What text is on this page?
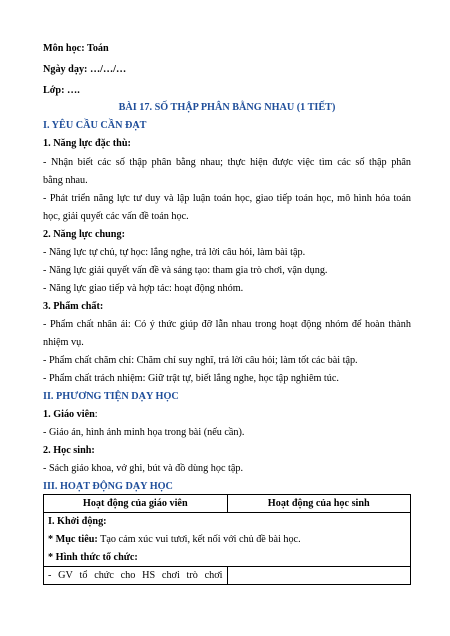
Môn học: Toán
Ngày dạy: …/…/…
Lớp: ….
BÀI 17. SỐ THẬP PHÂN BẰNG NHAU (1 TIẾT)
I. YÊU CẦU CẦN ĐẠT
1. Năng lực đặc thù:
- Nhận biết các số thập phân bằng nhau; thực hiện được việc tìm các số thập phân
bằng nhau.
- Phát triển năng lực tư duy và lập luận toán học, giao tiếp toán học, mô hình hóa toán
học, giải quyết các vấn đề toán học.
2. Năng lực chung:
- Năng lực tự chủ, tự học: lắng nghe, trả lời câu hỏi, làm bài tập.
- Năng lực giải quyết vấn đề và sáng tạo: tham gia trò chơi, vận dụng.
- Năng lực giao tiếp và hợp tác: hoạt động nhóm.
3. Phẩm chất:
- Phẩm chất nhân ái: Có ý thức giúp đỡ lẫn nhau trong hoạt động nhóm để hoàn thành
nhiệm vụ.
- Phẩm chất chăm chỉ: Chăm chỉ suy nghĩ, trả lời câu hỏi; làm tốt các bài tập.
- Phẩm chất trách nhiệm: Giữ trật tự, biết lắng nghe, học tập nghiêm túc.
II. PHƯƠNG TIỆN DẠY HỌC
1. Giáo viên:
- Giáo án, hình ảnh minh họa trong bài (nếu cần).
2. Học sinh:
- Sách giáo khoa, vở ghi, bút và đồ dùng học tập.
III. HOẠT ĐỘNG DẠY HỌC
Hoạt động của giáo viên	Hoạt động của học sinh

I. Khởi động:
* Mục tiêu: Tạo cảm xúc vui tươi, kết nối với chủ đề bài học.
* Hình thức tổ chức:	

- GV tổ chức cho HS chơi trò chơi	
